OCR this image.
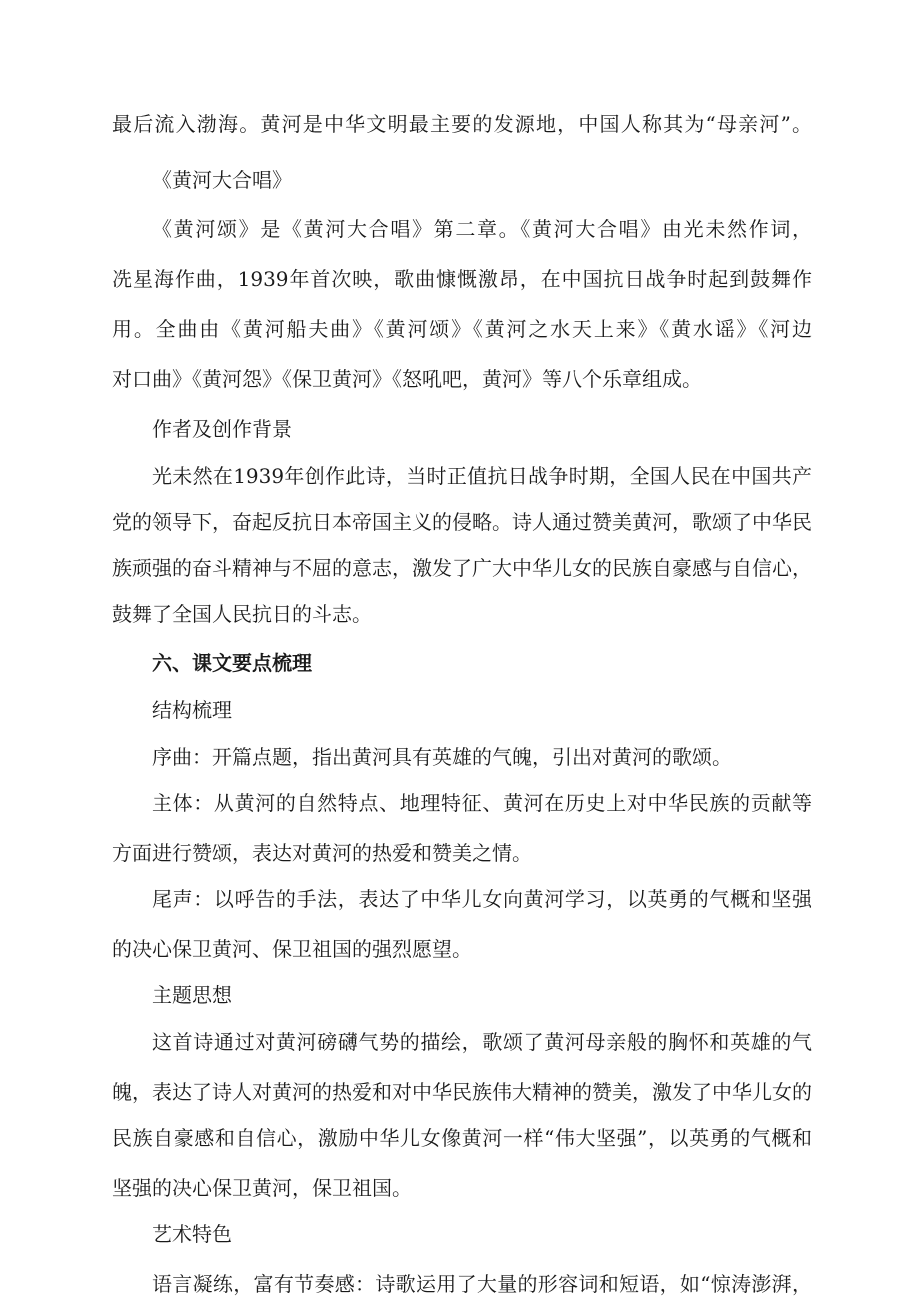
最后流入渤海。黄河是中华文明最主要的发源地，中国人称其为“母亲河”。
《黄河大合唱》
《黄河颂》是《黄河大合唱》第二章。《黄河大合唱》由光未然作词，
冼星海作曲，1939年首次映，歌曲慷慨激昂，在中国抗日战争时起到鼓舞作
用。全曲由《黄河船夫曲》《黄河颂》《黄河之水天上来》《黄水谣》《河边
对口曲》《黄河怨》《保卫黄河》《怒吼吧，黄河》等八个乐章组成。
作者及创作背景
光未然在1939年创作此诗，当时正值抗日战争时期，全国人民在中国共产
党的领导下，奋起反抗日本帝国主义的侵略。诗人通过赞美黄河，歌颂了中华民
族顽强的奋斗精神与不屈的意志，激发了广大中华儿女的民族自豪感与自信心，
鼓舞了全国人民抗日的斗志。
六、课文要点梳理
结构梳理
序曲：开篇点题，指出黄河具有英雄的气魄，引出对黄河的歌颂。
主体：从黄河的自然特点、地理特征、黄河在历史上对中华民族的贡献等
方面进行赞颂，表达对黄河的热爱和赞美之情。
尾声：以呼告的手法，表达了中华儿女向黄河学习，以英勇的气概和坚强
的决心保卫黄河、保卫祖国的强烈愿望。
主题思想
这首诗通过对黄河磅礴气势的描绘，歌颂了黄河母亲般的胸怀和英雄的气
魄，表达了诗人对黄河的热爱和对中华民族伟大精神的赞美，激发了中华儿女的
民族自豪感和自信心，激励中华儿女像黄河一样“伟大坚强”，以英勇的气概和
坚强的决心保卫黄河，保卫祖国。
艺术特色
语言凝练，富有节奏感：诗歌运用了大量的形容词和短语，如“惊涛澎湃，
